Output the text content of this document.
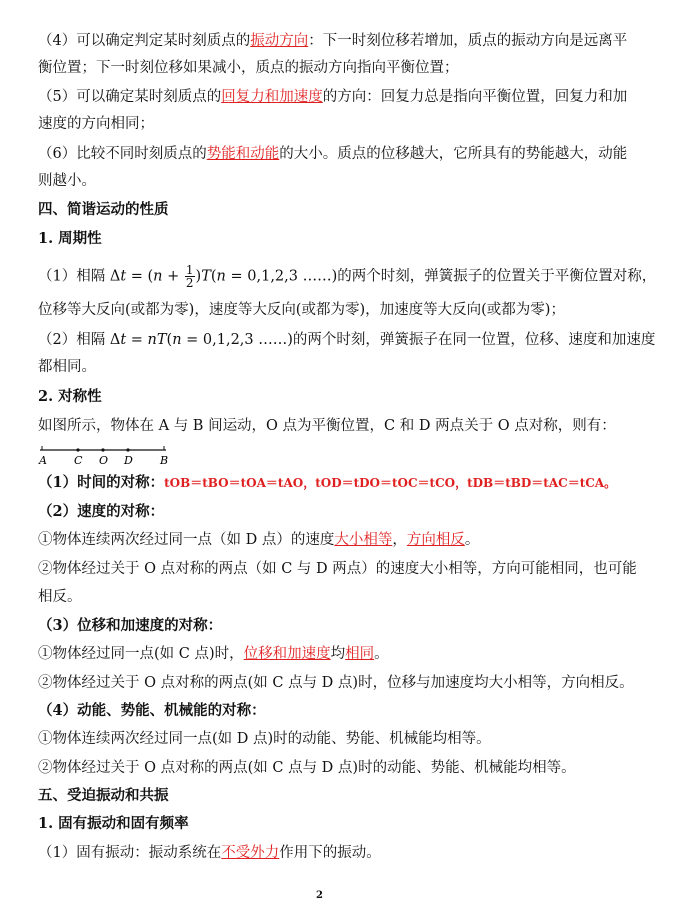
（4）可以确定判定某时刻质点的振动方向：下一时刻位移若增加，质点的振动方向是远离平
衡位置；下一时刻位移如果减小，质点的振动方向指向平衡位置；
（5）可以确定某时刻质点的回复力和加速度的方向：回复力总是指向平衡位置，回复力和加
速度的方向相同；
（6）比较不同时刻质点的势能和动能的大小。质点的位移越大，它所具有的势能越大，动能
则越小。
四、简谐运动的性质
1. 周期性
（1）相隔 $\Delta t = (n + \frac{1}{2} )T(n = 0,1,2,3$ ……)的两个时刻，弹簧振子的位置关于平衡位置对称，
位移等大反向(或都为零)，速度等大反向(或都为零)，加速度等大反向(或都为零)；
（2）相隔 Δt = nT(n = 0,1,2,3 ……)的两个时刻，弹簧振子在同一位置，位移、速度和加速度
都相同。
2. 对称性
如图所示，物体在 A 与 B 间运动，O 点为平衡位置，C 和 D 两点关于 O 点对称，则有：
A C O D B
（1）时间的对称：tOB＝tBO＝tOA＝tAO，tOD＝tDO＝tOC＝tCO，tDB＝tBD＝tAC＝tCA。
（2）速度的对称：
①物体连续两次经过同一点（如 D 点）的速度大小相等，方向相反。
②物体经过关于 O 点对称的两点（如 C 与 D 两点）的速度大小相等，方向可能相同，也可能
相反。
（3）位移和加速度的对称：
①物体经过同一点(如 C 点)时，位移和加速度均相同。
②物体经过关于 O 点对称的两点(如 C 点与 D 点)时，位移与加速度均大小相等，方向相反。
（4）动能、势能、机械能的对称：
①物体连续两次经过同一点(如 D 点)时的动能、势能、机械能均相等。
②物体经过关于 O 点对称的两点(如 C 点与 D 点)时的动能、势能、机械能均相等。
五、受迫振动和共振
1. 固有振动和固有频率
（1）固有振动：振动系统在不受外力作用下的振动。
2
